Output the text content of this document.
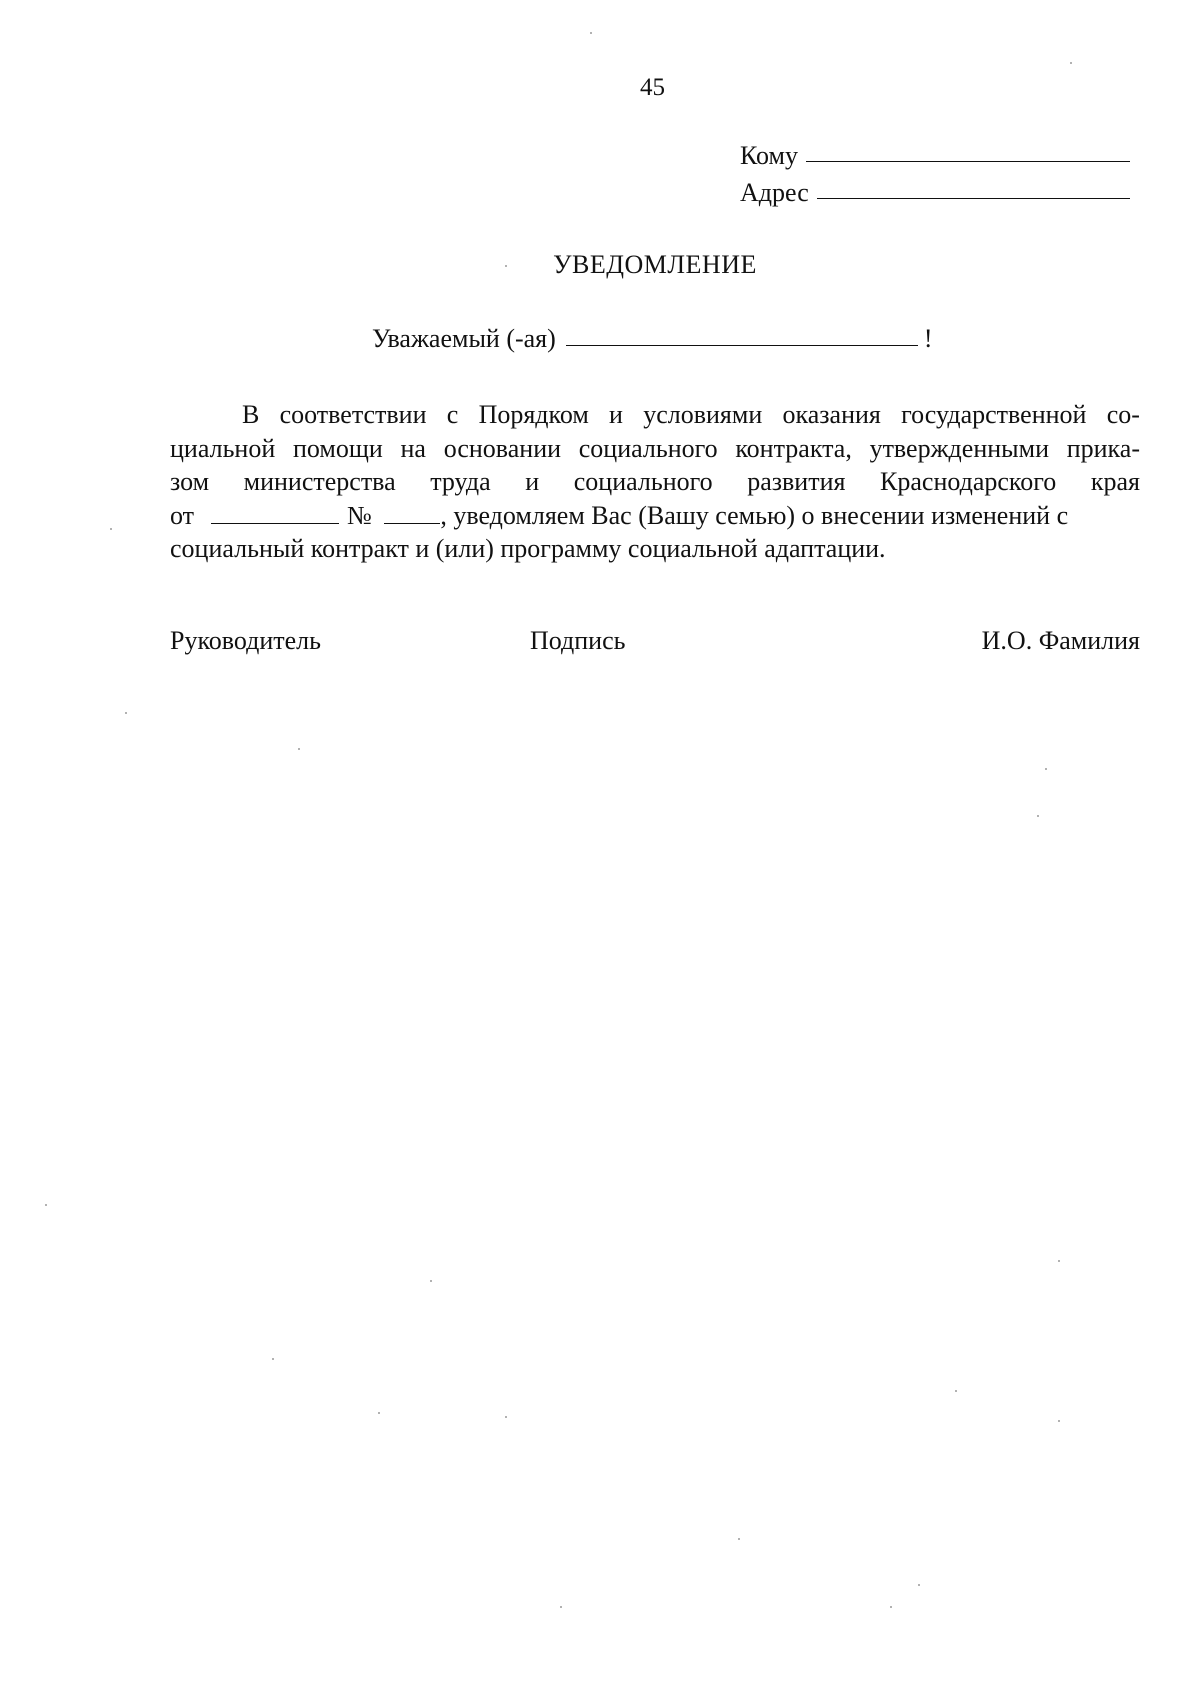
45
Кому
Адрес
УВЕДОМЛЕНИЕ
Уважаемый (-ая)	!
В соответствии с Порядком и условиями оказания государственной со-
циальной помощи на основании социального контракта, утвержденными прика-
зом министерства труда и социального развития Краснодарского края
от	№	, уведомляем Вас (Вашу семью) о внесении изменений с
социальный контракт и (или) программу социальной адаптации.
Руководитель	Подпись	И.О. Фамилия
